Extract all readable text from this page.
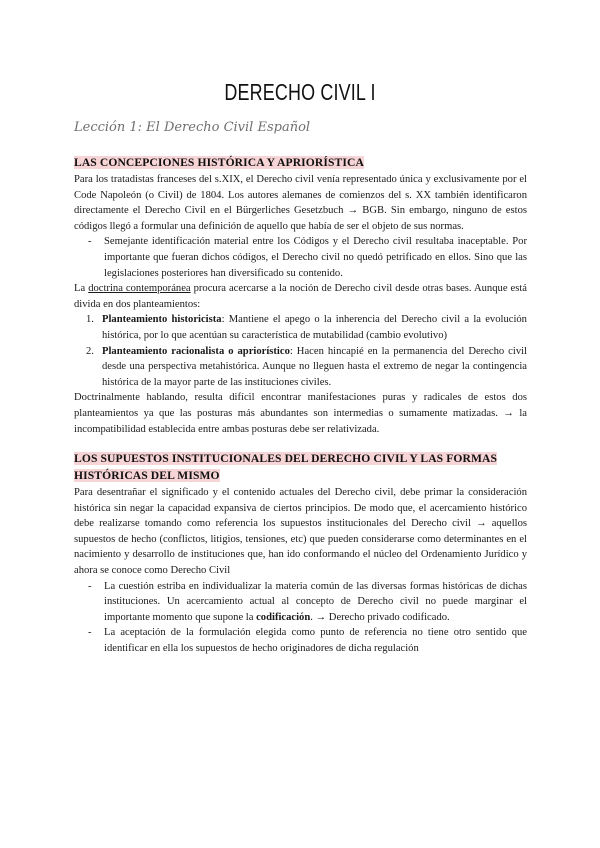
DERECHO CIVIL I
Lección 1: El Derecho Civil Español
LAS CONCEPCIONES HISTÓRICA Y APRIORÍSTICA

Para los tratadistas franceses del s.XIX, el Derecho civil venía representado única y exclusivamente por el Code Napoleón (o Civil) de 1804. Los autores alemanes de comienzos del s. XX también identificaron directamente el Derecho Civil en el Bürgerliches Gesetzbuch → BGB. Sin embargo, ninguno de estos códigos llegó a formular una definición de aquello que había de ser el objeto de sus normas.

- Semejante identificación material entre los Códigos y el Derecho civil resultaba inaceptable. Por importante que fueran dichos códigos, el Derecho civil no quedó petrificado en ellos. Sino que las legislaciones posteriores han diversificado su contenido.

La doctrina contemporánea procura acercarse a la noción de Derecho civil desde otras bases. Aunque está divida en dos planteamientos:

1. Planteamiento historicista: Mantiene el apego o la inherencia del Derecho civil a la evolución histórica, por lo que acentúan su característica de mutabilidad (cambio evolutivo)
2. Planteamiento racionalista o apriorístico: Hacen hincapié en la permanencia del Derecho civil desde una perspectiva metahistórica. Aunque no lleguen hasta el extremo de negar la contingencia histórica de la mayor parte de las instituciones civiles.

Doctrinalmente hablando, resulta difícil encontrar manifestaciones puras y radicales de estos dos planteamientos ya que las posturas más abundantes son intermedias o sumamente matizadas. → la incompatibilidad establecida entre ambas posturas debe ser relativizada.

LOS SUPUESTOS INSTITUCIONALES DEL DERECHO CIVIL Y LAS FORMAS
HISTÓRICAS DEL MISMO

Para desentrañar el significado y el contenido actuales del Derecho civil, debe primar la consideración histórica sin negar la capacidad expansiva de ciertos principios. De modo que, el acercamiento histórico debe realizarse tomando como referencia los supuestos institucionales del Derecho civil → aquellos supuestos de hecho (conflictos, litigios, tensiones, etc) que pueden considerarse como determinantes en el nacimiento y desarrollo de instituciones que, han ido conformando el núcleo del Ordenamiento Jurídico y ahora se conoce como Derecho Civil

- La cuestión estriba en individualizar la materia común de las diversas formas históricas de dichas instituciones. Un acercamiento actual al concepto de Derecho civil no puede marginar el importante momento que supone la codificación. → Derecho privado codificado.
- La aceptación de la formulación elegida como punto de referencia no tiene otro sentido que identificar en ella los supuestos de hecho originadores de dicha regulación
